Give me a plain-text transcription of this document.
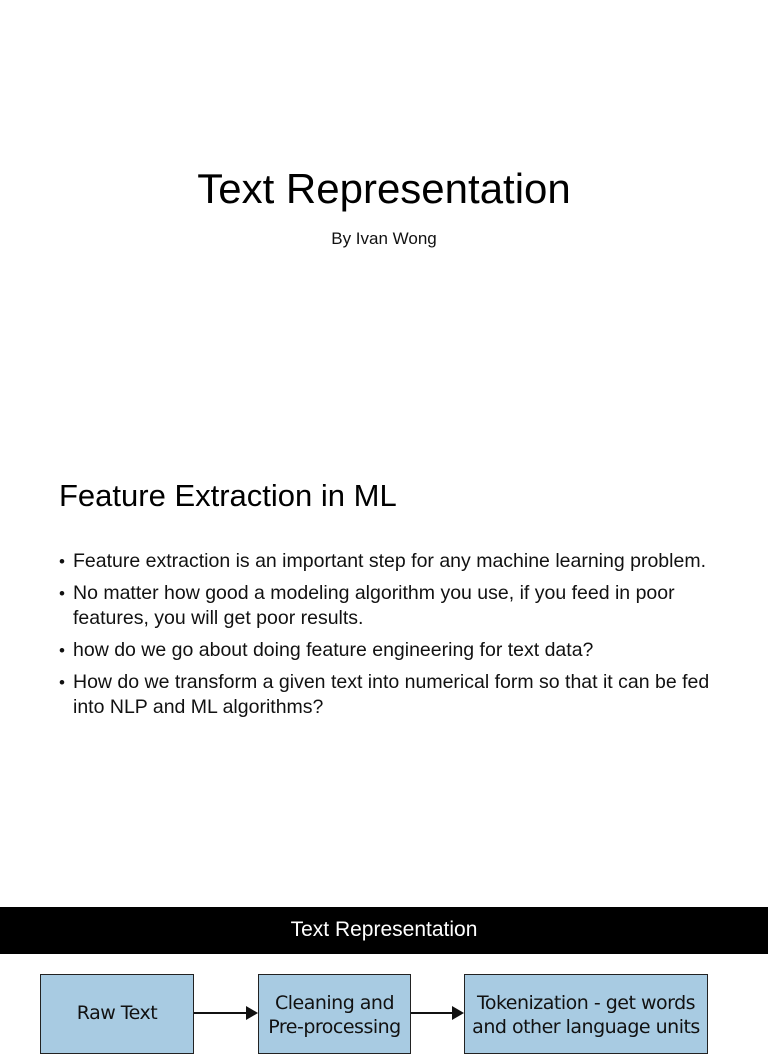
Text Representation

By Ivan Wong

Feature Extraction in ML
• Feature extraction is an important step for any machine learning problem.
• No matter how good a modeling algorithm you use, if you feed in poor features, you will get poor results.
• how do we go about doing feature engineering for text data?
• How do we transform a given text into numerical form so that it can be fed into NLP and ML algorithms?
Text Representation
Raw Text	Cleaning and Pre-processing
Tokenization - get words and other language units
